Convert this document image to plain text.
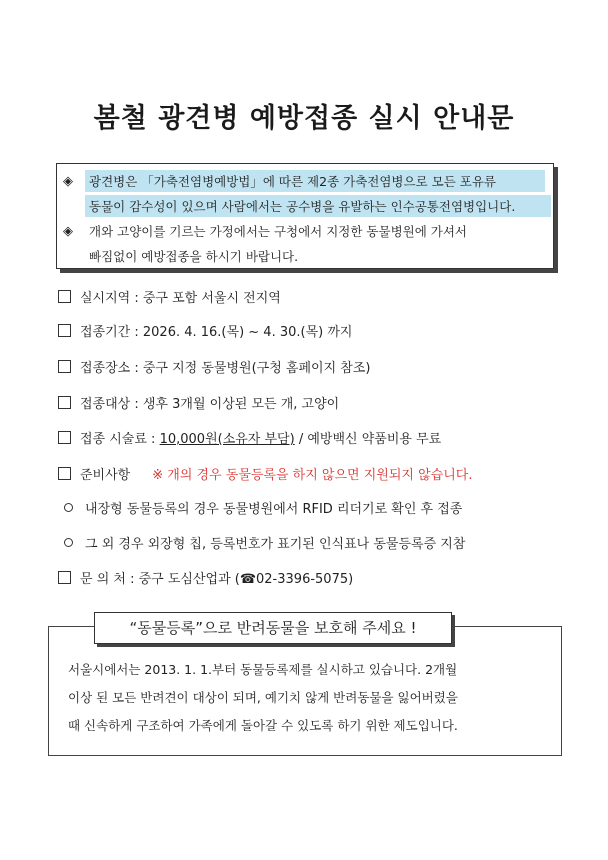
봄철 광견병 예방접종 실시 안내문
◈ 광견병은 「가축전염병예방법」에 따른 제2종 가축전염병으로 모든 포유류
동물이 감수성이 있으며 사람에서는 공수병을 유발하는 인수공통전염병입니다.
◈ 개와 고양이를 기르는 가정에서는 구청에서 지정한 동물병원에 가셔서
빠짐없이 예방접종을 하시기 바랍니다.
실시지역 : 중구 포함 서울시 전지역
접종기간 : 2026. 4. 16.(목) ~ 4. 30.(목) 까지
접종장소 : 중구 지정 동물병원(구청 홈페이지 참조)
접종대상 : 생후 3개월 이상된 모든 개, 고양이
접종 시술료 : 10,000원(소유자 부담) / 예방백신 약품비용 무료
준비사항 ※ 개의 경우 동물등록을 하지 않으면 지원되지 않습니다.
내장형 동물등록의 경우 동물병원에서 RFID 리더기로 확인 후 접종
그 외 경우 외장형 칩, 등록번호가 표기된 인식표나 동물등록증 지참
문 의 처 : 중구 도심산업과 (☎02-3396-5075)
“동물등록”으로 반려동물을 보호해 주세요 !
서울시에서는 2013. 1. 1.부터 동물등록제를 실시하고 있습니다. 2개월
이상 된 모든 반려견이 대상이 되며, 예기치 않게 반려동물을 잃어버렸을
때 신속하게 구조하여 가족에게 돌아갈 수 있도록 하기 위한 제도입니다.
